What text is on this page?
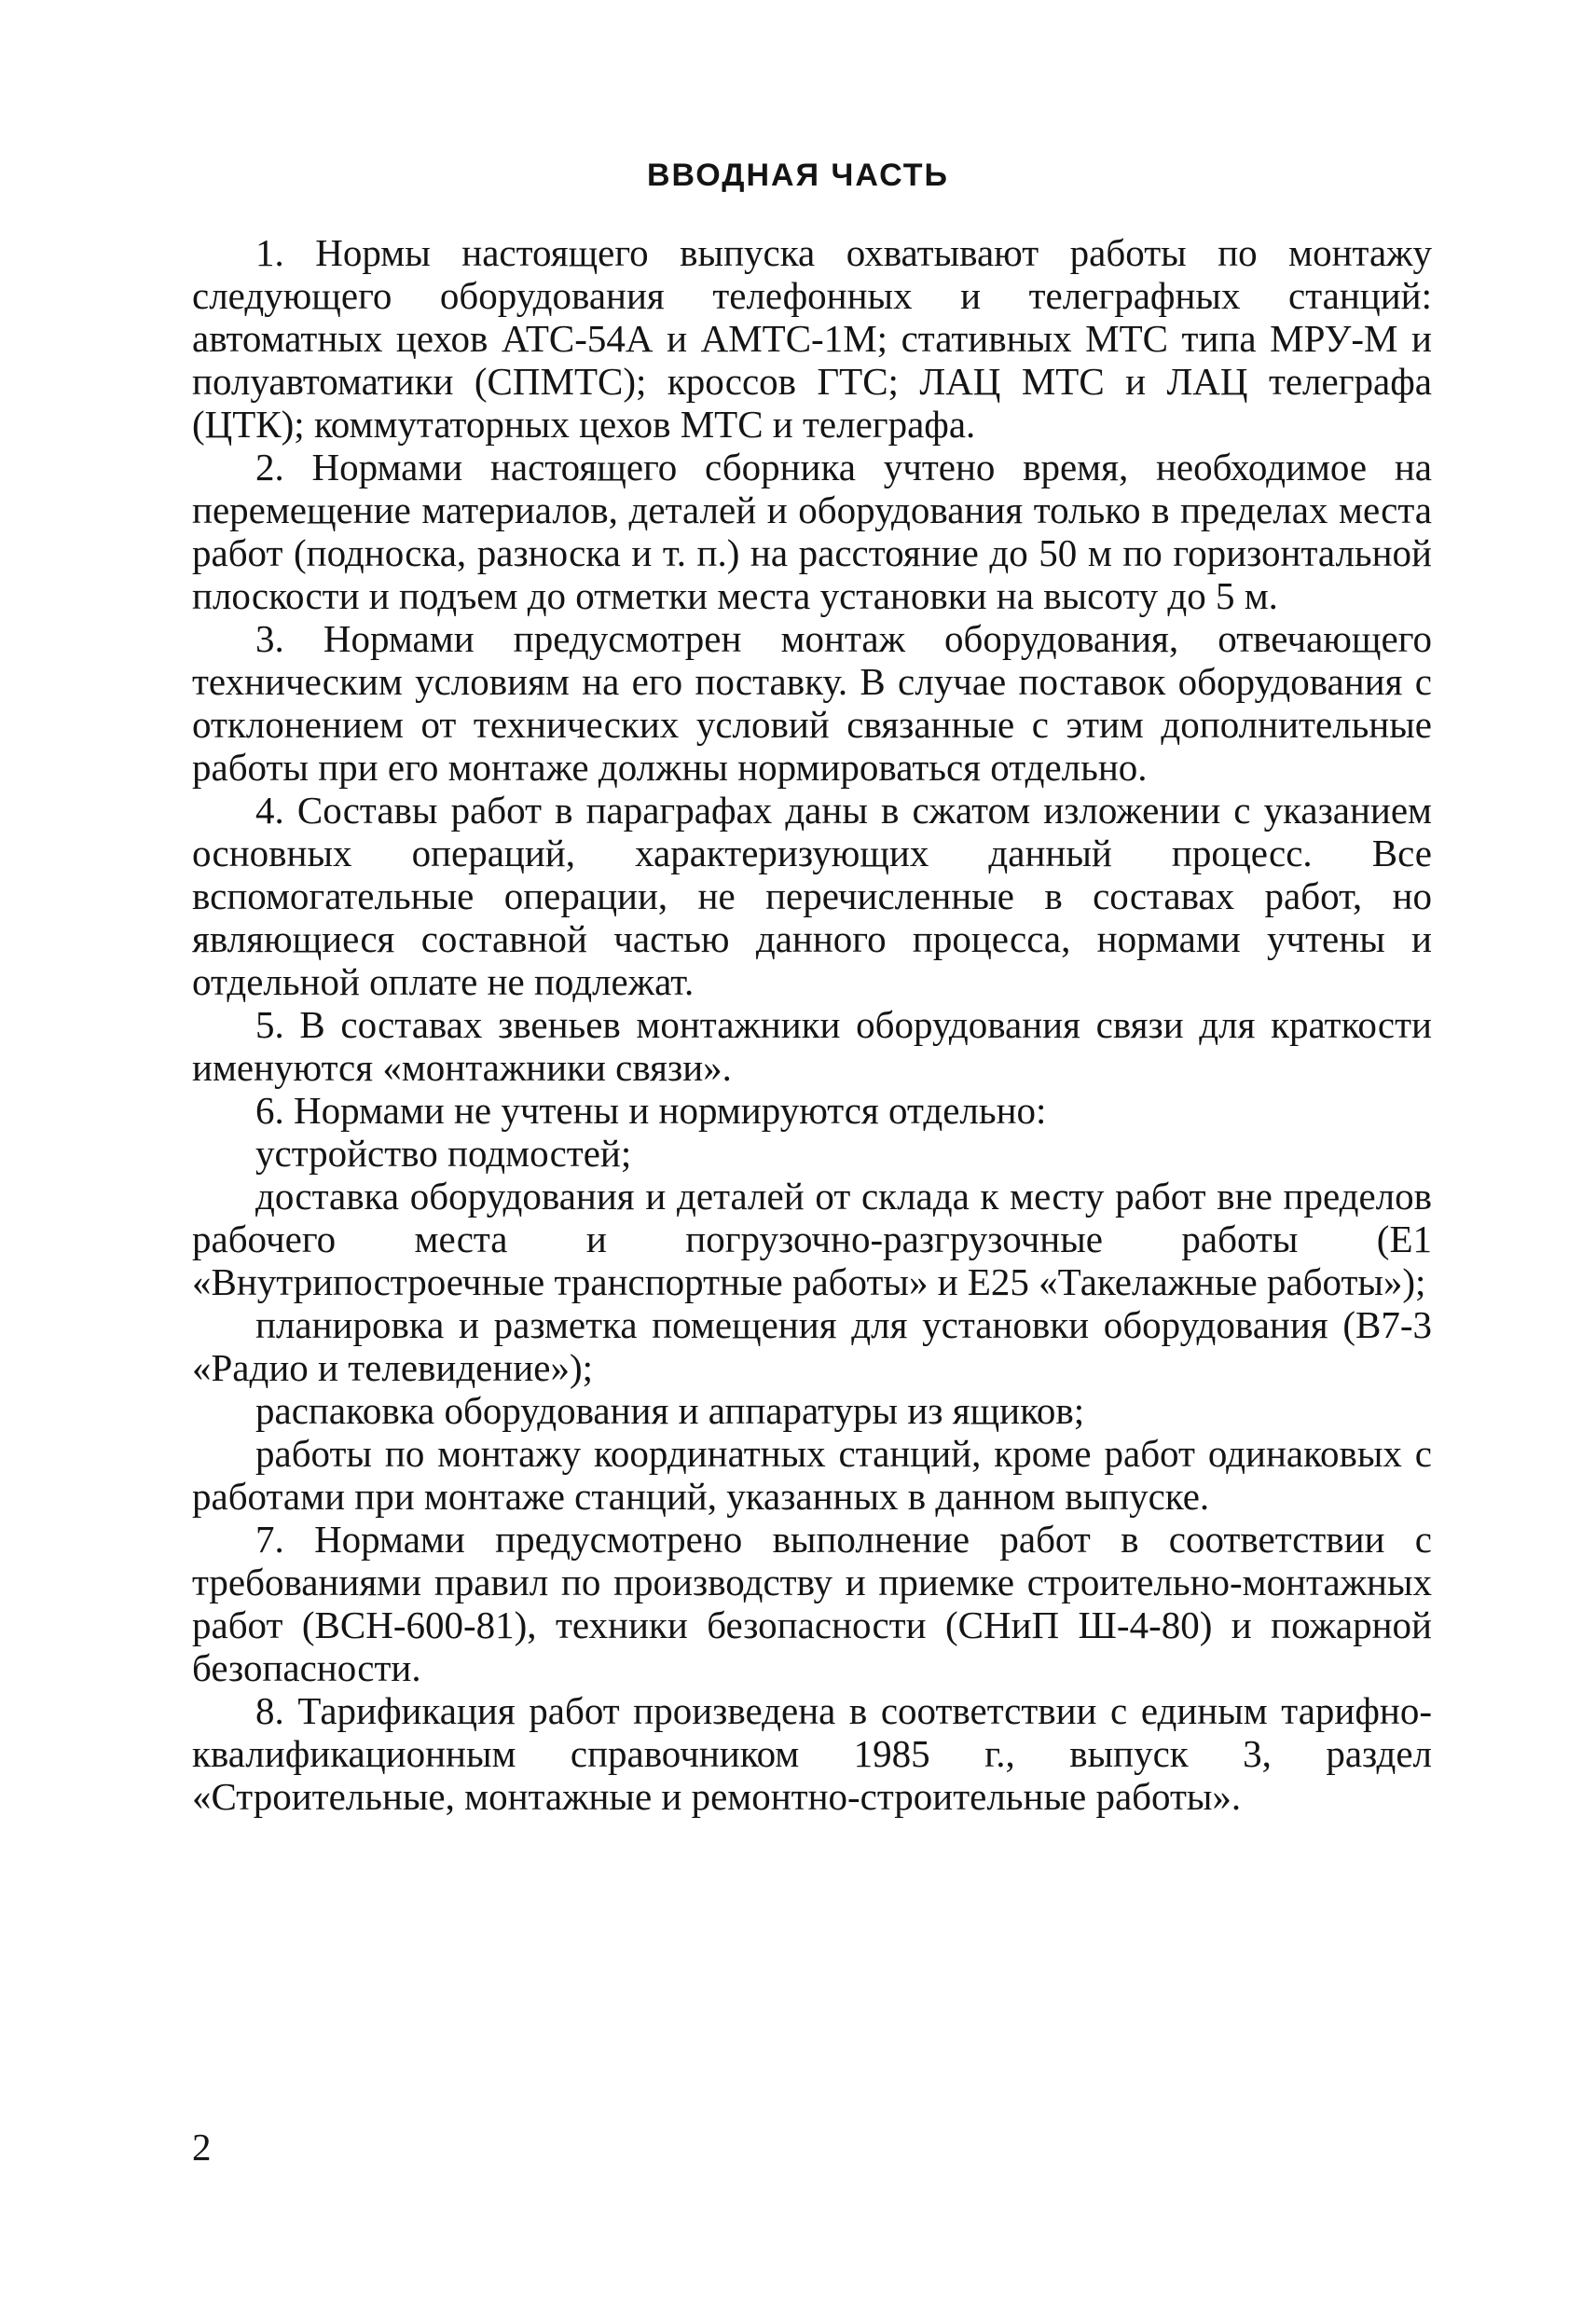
ВВОДНАЯ ЧАСТЬ

1. Нормы настоящего выпуска охватывают работы по монтажу следующего оборудования телефонных и телеграфных станций: автоматных цехов АТС-54А и АМТС-1М; стативных МТС типа МРУ-М и полуавтоматики (СПМТС); кроссов ГТС; ЛАЦ МТС и ЛАЦ телеграфа (ЦТК); коммутаторных цехов МТС и телеграфа.

2. Нормами настоящего сборника учтено время, необходимое на перемещение материалов, деталей и оборудования только в пределах места работ (подноска, разноска и т. п.) на расстояние до 50 м по горизонтальной плоскости и подъем до отметки места установки на высоту до 5 м.

3. Нормами предусмотрен монтаж оборудования, отвечающего техническим условиям на его поставку. В случае поставок оборудования с отклонением от технических условий связанные с этим дополнительные работы при его монтаже должны нормироваться отдельно.

4. Составы работ в параграфах даны в сжатом изложении с указанием основных операций, характеризующих данный процесс. Все вспомогательные операции, не перечисленные в составах работ, но являющиеся составной частью данного процесса, нормами учтены и отдельной оплате не подлежат.

5. В составах звеньев монтажники оборудования связи для краткости именуются «монтажники связи».

6. Нормами не учтены и нормируются отдельно:

устройство подмостей;

доставка оборудования и деталей от склада к месту работ вне пределов рабочего места и погрузочно-разгрузочные работы (Е1 «Внутрипостроечные транспортные работы» и Е25 «Такелажные работы»);

планировка и разметка помещения для установки оборудования (В7-3 «Радио и телевидение»);

распаковка оборудования и аппаратуры из ящиков;

работы по монтажу координатных станций, кроме работ одинаковых с работами при монтаже станций, указанных в данном выпуске.

7. Нормами предусмотрено выполнение работ в соответствии с требованиями правил по производству и приемке строительно-монтажных работ (ВСН-600-81), техники безопасности (СНиП Ш-4-80) и пожарной безопасности.

8. Тарификация работ произведена в соответствии с единым тарифно-квалификационным справочником 1985 г., выпуск 3, раздел «Строительные, монтажные и ремонтно-строительные работы».

2
